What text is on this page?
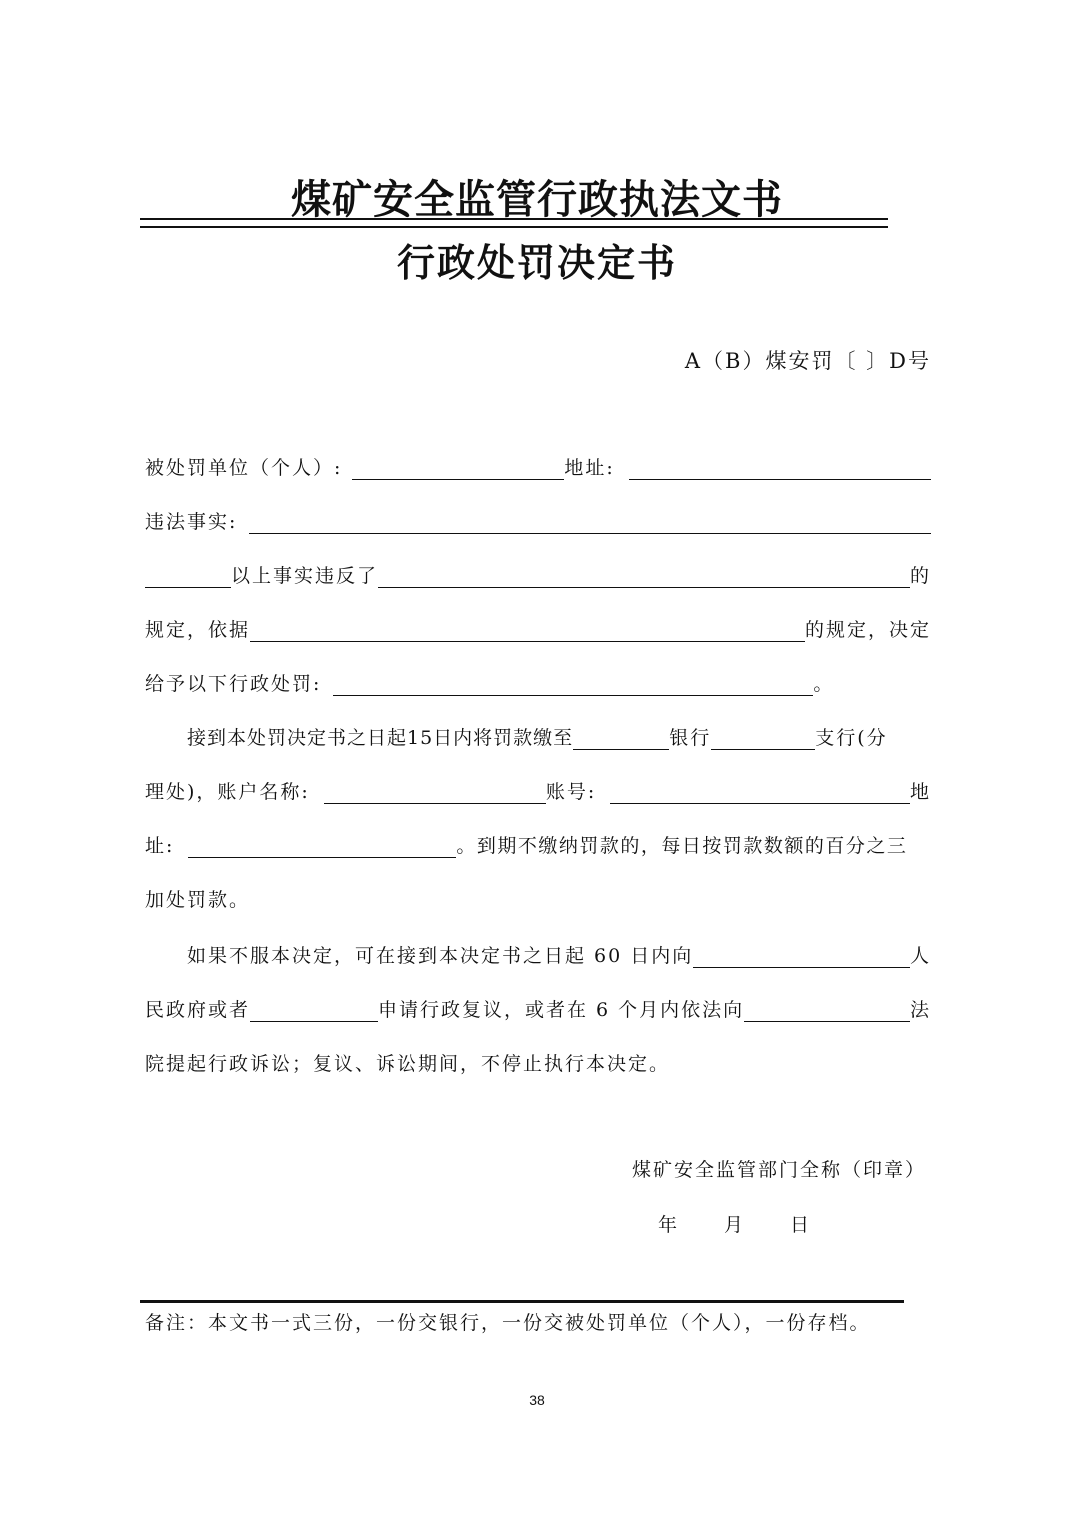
煤矿安全监管行政执法文书
行政处罚决定书
A（B）煤安罚〔 〕D号
被处罚单位（个人）:	地址:
违法事实:
以上事实违反了	的
规定，依据	的规定，决定
给予以下行政处罚:	。
接到本处罚决定书之日起15日内将罚款缴至	银行	支行(分
理处)，账户名称:	账号:	地
址:	。到期不缴纳罚款的，每日按罚款数额的百分之三
加处罚款。
如果不服本决定，可在接到本决定书之日起 60 日内向	人
民政府或者	申请行政复议，或者在 6 个月内依法向	法
院提起行政诉讼；复议、诉讼期间，不停止执行本决定。
煤矿安全监管部门全称（印章）
年 月 日
备注：本文书一式三份，一份交银行，一份交被处罚单位（个人），一份存档。
38
